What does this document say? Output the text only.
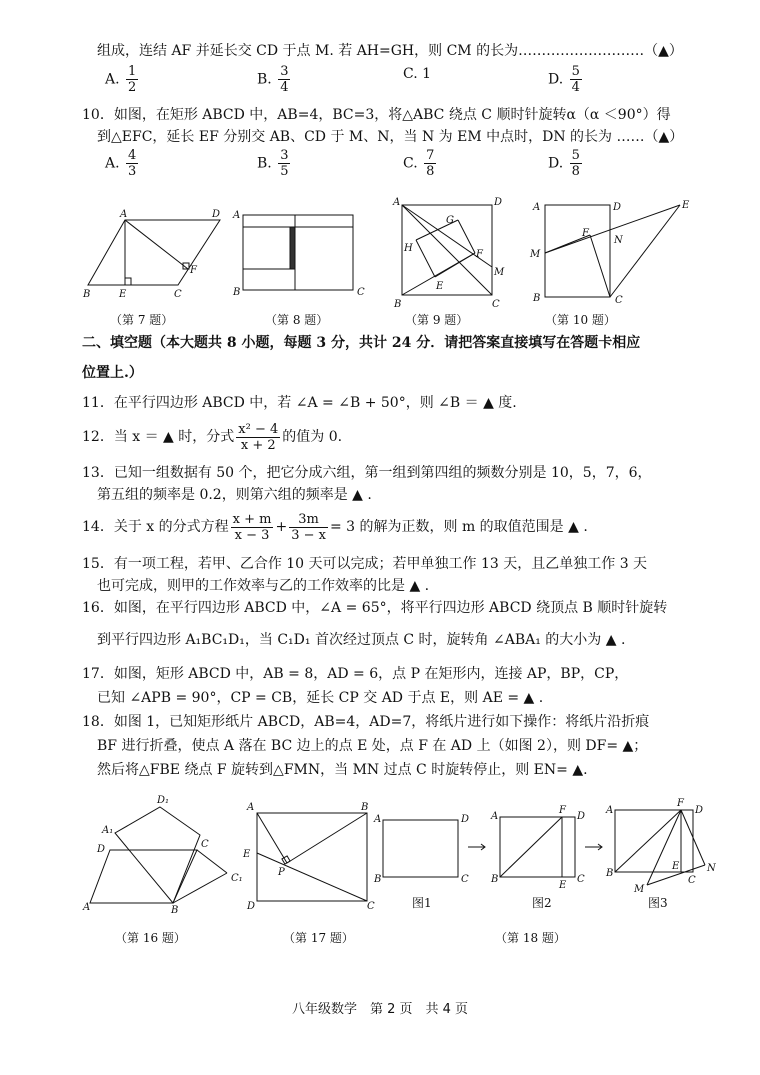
组成，连结 AF 并延长交 CD 于点 M. 若 AH=GH，则 CM 的长为………………………（▲）
A. $\frac{1}{2}$	B. $\frac{3}{4}$	C. 1	D. $\frac{5}{4}$
10．如图，在矩形 ABCD 中，AB=4，BC=3，将△ABC 绕点 C 顺时针旋转α（α ＜90°）得
到△EFC，延长 EF 分别交 AB、CD 于 M、N，当 N 为 EM 中点时，DN 的长为 ……（▲）
A. $\frac{4}{3}$	B. $\frac{3}{5}$	C. $\frac{7}{8}$	D. $\frac{5}{8}$
A	D
B	E	C
F
A
B	C
A	D
G
H
F
M
E
B	C
A	D	E
F
N
M
B	C
（第 7 题）	（第 8 题）	（第 9 题）	（第 10 题）
二、填空题（本大题共 8 小题，每题 3 分，共计 24 分．请把答案直接填写在答题卡相应
位置上.）
11．在平行四边形 ABCD 中，若 ∠A = ∠B + 50°，则 ∠B ＝ ▲ 度.
12．当 x ＝ ▲ 时，分式 $\frac{\text{x² − 4}}{x + 2}$ 的值为 0.
13．已知一组数据有 50 个，把它分成六组，第一组到第四组的频数分别是 10，5，7，6，
第五组的频率是 0.2，则第六组的频率是 ▲ .
14．关于 x 的分式方程 $\frac{x + m}{x - 3} + \frac{3m}{3 - x} = 3$ 的解为正数，则 m 的取值范围是 ▲ .
15．有一项工程，若甲、乙合作 10 天可以完成；若甲单独工作 13 天，且乙单独工作 3 天
也可完成，则甲的工作效率与乙的工作效率的比是 ▲ .
16．如图，在平行四边形 ABCD 中，∠A = 65°，将平行四边形 ABCD 绕顶点 B 顺时针旋转
到平行四边形 A₁BC₁D₁，当 C₁D₁ 首次经过顶点 C 时，旋转角 ∠ABA₁ 的大小为 ▲ .
17．如图，矩形 ABCD 中，AB = 8，AD = 6，点 P 在矩形内，连接 AP，BP，CP，
已知 ∠APB = 90°，CP = CB，延长 CP 交 AD 于点 E，则 AE = ▲ .
18．如图 1，已知矩形纸片 ABCD，AB=4，AD=7，将纸片进行如下操作：将纸片沿折痕
BF 进行折叠，使点 A 落在 BC 边上的点 E 处，点 F 在 AD 上（如图 2），则 DF= ▲；
然后将△FBE 绕点 F 旋转到△FMN，当 MN 过点 C 时旋转停止，则 EN= ▲.
D₁
A₁
D	C
C₁
A	B
A	B
E
P
D	C
A	D
B	C
A
F
D
B
E
C
A
F
D
B
E
C
N
M
图1	图2	图3
（第 16 题）	（第 17 题）	（第 18 题）
八年级数学　第 2 页　共 4 页
